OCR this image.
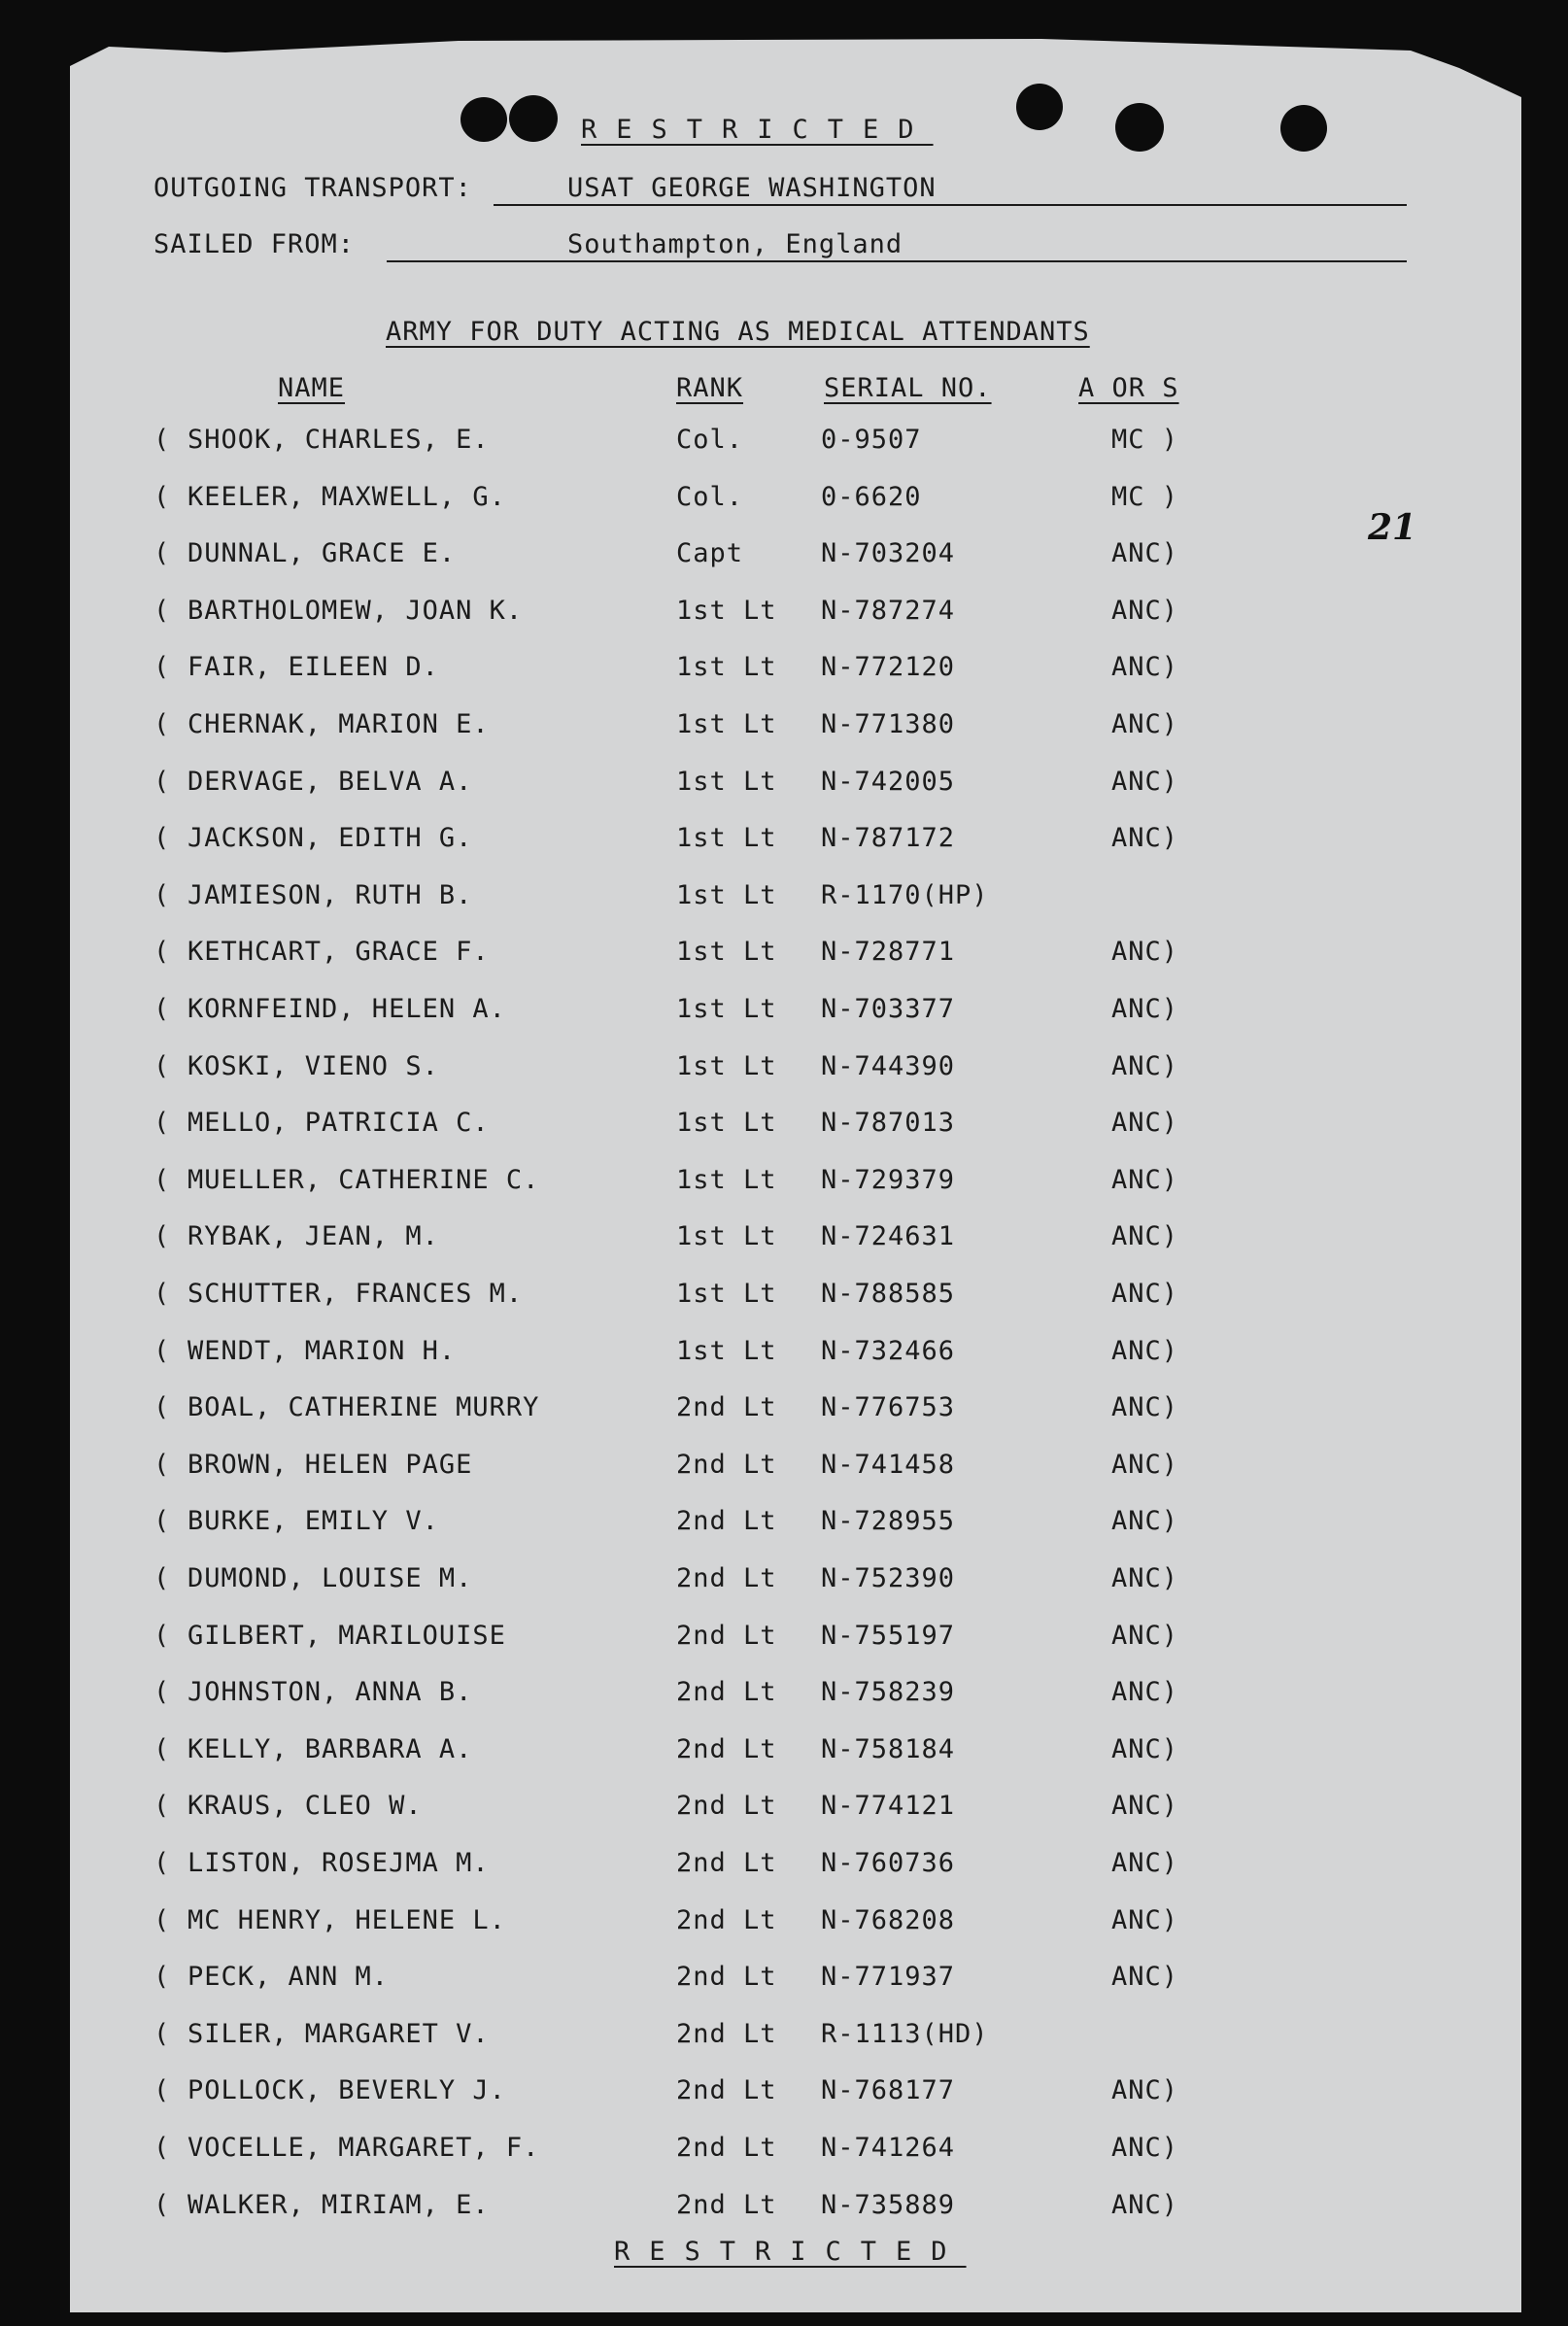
RESTRICTED
OUTGOING TRANSPORT:	USAT GEORGE WASHINGTON
SAILED FROM:	Southampton, England
ARMY FOR DUTY ACTING AS MEDICAL ATTENDANTS
NAME	RANK	SERIAL NO.	A OR S
21
( SHOOK, CHARLES, E.	Col.	0-9507	MC )
( KEELER, MAXWELL, G.	Col.	0-6620	MC )
( DUNNAL, GRACE E.	Capt	N-703204	ANC)
( BARTHOLOMEW, JOAN K.	1st Lt N-787274	ANC)
( FAIR, EILEEN D.	1st Lt N-772120	ANC)
( CHERNAK, MARION E.	1st Lt N-771380	ANC)
( DERVAGE, BELVA A.	1st Lt N-742005	ANC)
( JACKSON, EDITH G.	1st Lt N-787172	ANC)
( JAMIESON, RUTH B.	1st Lt R-1170(HP)
( KETHCART, GRACE F.	1st Lt N-728771	ANC)
( KORNFEIND, HELEN A.	1st Lt N-703377	ANC)
( KOSKI, VIENO S.	1st Lt N-744390	ANC)
( MELLO, PATRICIA C.	1st Lt N-787013	ANC)
( MUELLER, CATHERINE C.	1st Lt N-729379	ANC)
( RYBAK, JEAN, M.	1st Lt N-724631	ANC)
( SCHUTTER, FRANCES M.	1st Lt N-788585	ANC)
( WENDT, MARION H.	1st Lt N-732466	ANC)
( BOAL, CATHERINE MURRY	2nd Lt N-776753	ANC)
( BROWN, HELEN PAGE	2nd Lt N-741458	ANC)
( BURKE, EMILY V.	2nd Lt N-728955	ANC)
( DUMOND, LOUISE M.	2nd Lt N-752390	ANC)
( GILBERT, MARILOUISE	2nd Lt N-755197	ANC)
( JOHNSTON, ANNA B.	2nd Lt N-758239	ANC)
( KELLY, BARBARA A.	2nd Lt N-758184	ANC)
( KRAUS, CLEO W.	2nd Lt N-774121	ANC)
( LISTON, ROSEJMA M.	2nd Lt N-760736	ANC)
( MC HENRY, HELENE L.	2nd Lt N-768208	ANC)
( PECK, ANN M.	2nd Lt N-771937	ANC)
( SILER, MARGARET V.	2nd Lt R-1113(HD)
( POLLOCK, BEVERLY J.	2nd Lt N-768177	ANC)
( VOCELLE, MARGARET, F.	2nd Lt N-741264	ANC)
( WALKER, MIRIAM, E.	2nd Lt N-735889	ANC)
RESTRICTED
